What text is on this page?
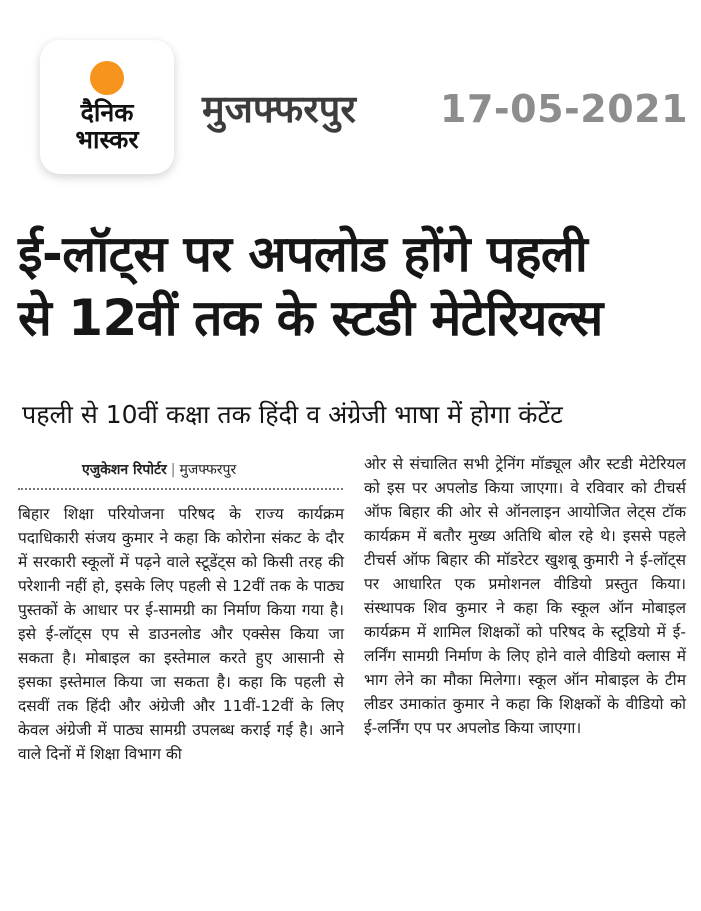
दैनिक
भास्कर
मुजफ्फरपुर 17-05-2021
ई-लॉट्स पर अपलोड होंगे पहली
से 12वीं तक के स्टडी मेटेरियल्स
पहली से 10वीं कक्षा तक हिंदी व अंग्रेजी भाषा में होगा कंटेंट
एजुकेशन रिपोर्टर | मुजफ्फरपुर

बिहार शिक्षा परियोजना परिषद के राज्य कार्यक्रम पदाधिकारी संजय कुमार ने कहा कि कोरोना संकट के दौर में सरकारी स्कूलों में पढ़ने वाले स्टूडेंट्स को किसी तरह की परेशानी नहीं हो, इसके लिए पहली से 12वीं तक के पाठ्य पुस्तकों के आधार पर ई-सामग्री का निर्माण किया गया है। इसे ई-लॉट्स एप से डाउनलोड और एक्सेस किया जा सकता है। मोबाइल का इस्तेमाल करते हुए आसानी से इसका इस्तेमाल किया जा सकता है। कहा कि पहली से दसवीं तक हिंदी और अंग्रेजी और 11वीं-12वीं के लिए केवल अंग्रेजी में पाठ्य सामग्री उपलब्ध कराई गई है। आने वाले दिनों में शिक्षा विभाग की

ओर से संचालित सभी ट्रेनिंग मॉड्यूल और स्टडी मेटेरियल को इस पर अपलोड किया जाएगा। वे रविवार को टीचर्स ऑफ बिहार की ओर से ऑनलाइन आयोजित लेट्स टॉक कार्यक्रम में बतौर मुख्य अतिथि बोल रहे थे। इससे पहले टीचर्स ऑफ बिहार की मॉडरेटर खुशबू कुमारी ने ई-लॉट्स पर आधारित एक प्रमोशनल वीडियो प्रस्तुत किया। संस्थापक शिव कुमार ने कहा कि स्कूल ऑन मोबाइल कार्यक्रम में शामिल शिक्षकों को परिषद के स्टूडियो में ई-लर्निंग सामग्री निर्माण के लिए होने वाले वीडियो क्लास में भाग लेने का मौका मिलेगा। स्कूल ऑन मोबाइल के टीम लीडर उमाकांत कुमार ने कहा कि शिक्षकों के वीडियो को ई-लर्निंग एप पर अपलोड किया जाएगा।
